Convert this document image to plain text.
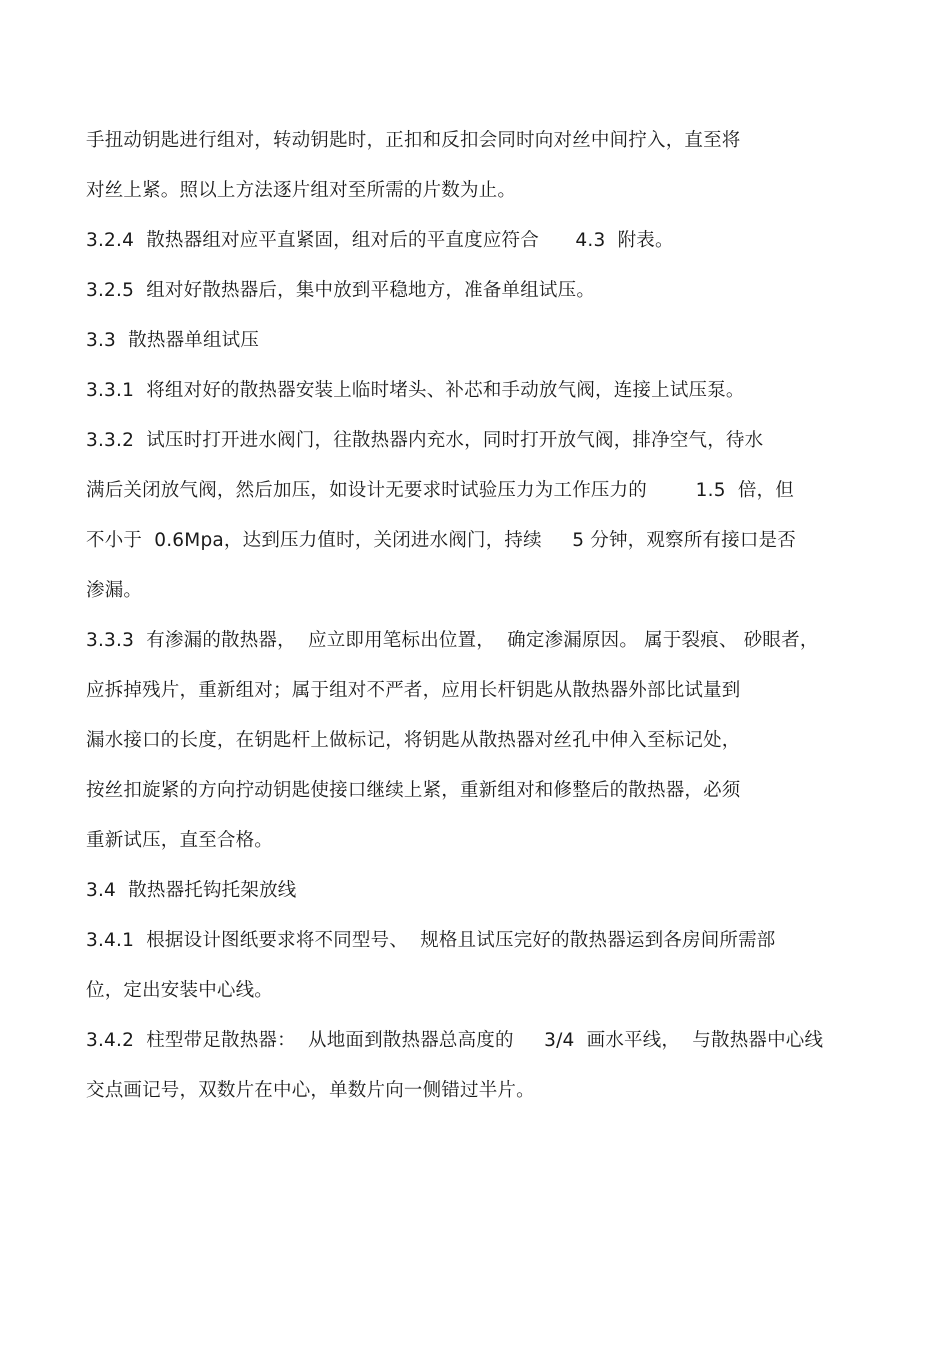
手扭动钥匙进行组对，转动钥匙时，正扣和反扣会同时向对丝中间拧入，直至将
对丝上紧。照以上方法逐片组对至所需的片数为止。
3.2.4  散热器组对应平直紧固，组对后的平直度应符合      4.3  附表。
3.2.5  组对好散热器后，集中放到平稳地方，准备单组试压。
3.3  散热器单组试压
3.3.1  将组对好的散热器安装上临时堵头、补芯和手动放气阀，连接上试压泵。
3.3.2  试压时打开进水阀门，往散热器内充水，同时打开放气阀，排净空气，待水
满后关闭放气阀，然后加压，如设计无要求时试验压力为工作压力的        1.5  倍，但
不小于  0.6Mpa，达到压力值时，关闭进水阀门，持续     5 分钟，观察所有接口是否
渗漏。
3.3.3  有渗漏的散热器，  应立即用笔标出位置，  确定渗漏原因。 属于裂痕、 砂眼者，
应拆掉残片，重新组对；属于组对不严者，应用长杆钥匙从散热器外部比试量到
漏水接口的长度，在钥匙杆上做标记，将钥匙从散热器对丝孔中伸入至标记处，
按丝扣旋紧的方向拧动钥匙使接口继续上紧，重新组对和修整后的散热器，必须
重新试压，直至合格。
3.4  散热器托钩托架放线
3.4.1  根据设计图纸要求将不同型号、  规格且试压完好的散热器运到各房间所需部
位，定出安装中心线。
3.4.2  柱型带足散热器：  从地面到散热器总高度的     3/4  画水平线，  与散热器中心线
交点画记号，双数片在中心，单数片向一侧错过半片。
